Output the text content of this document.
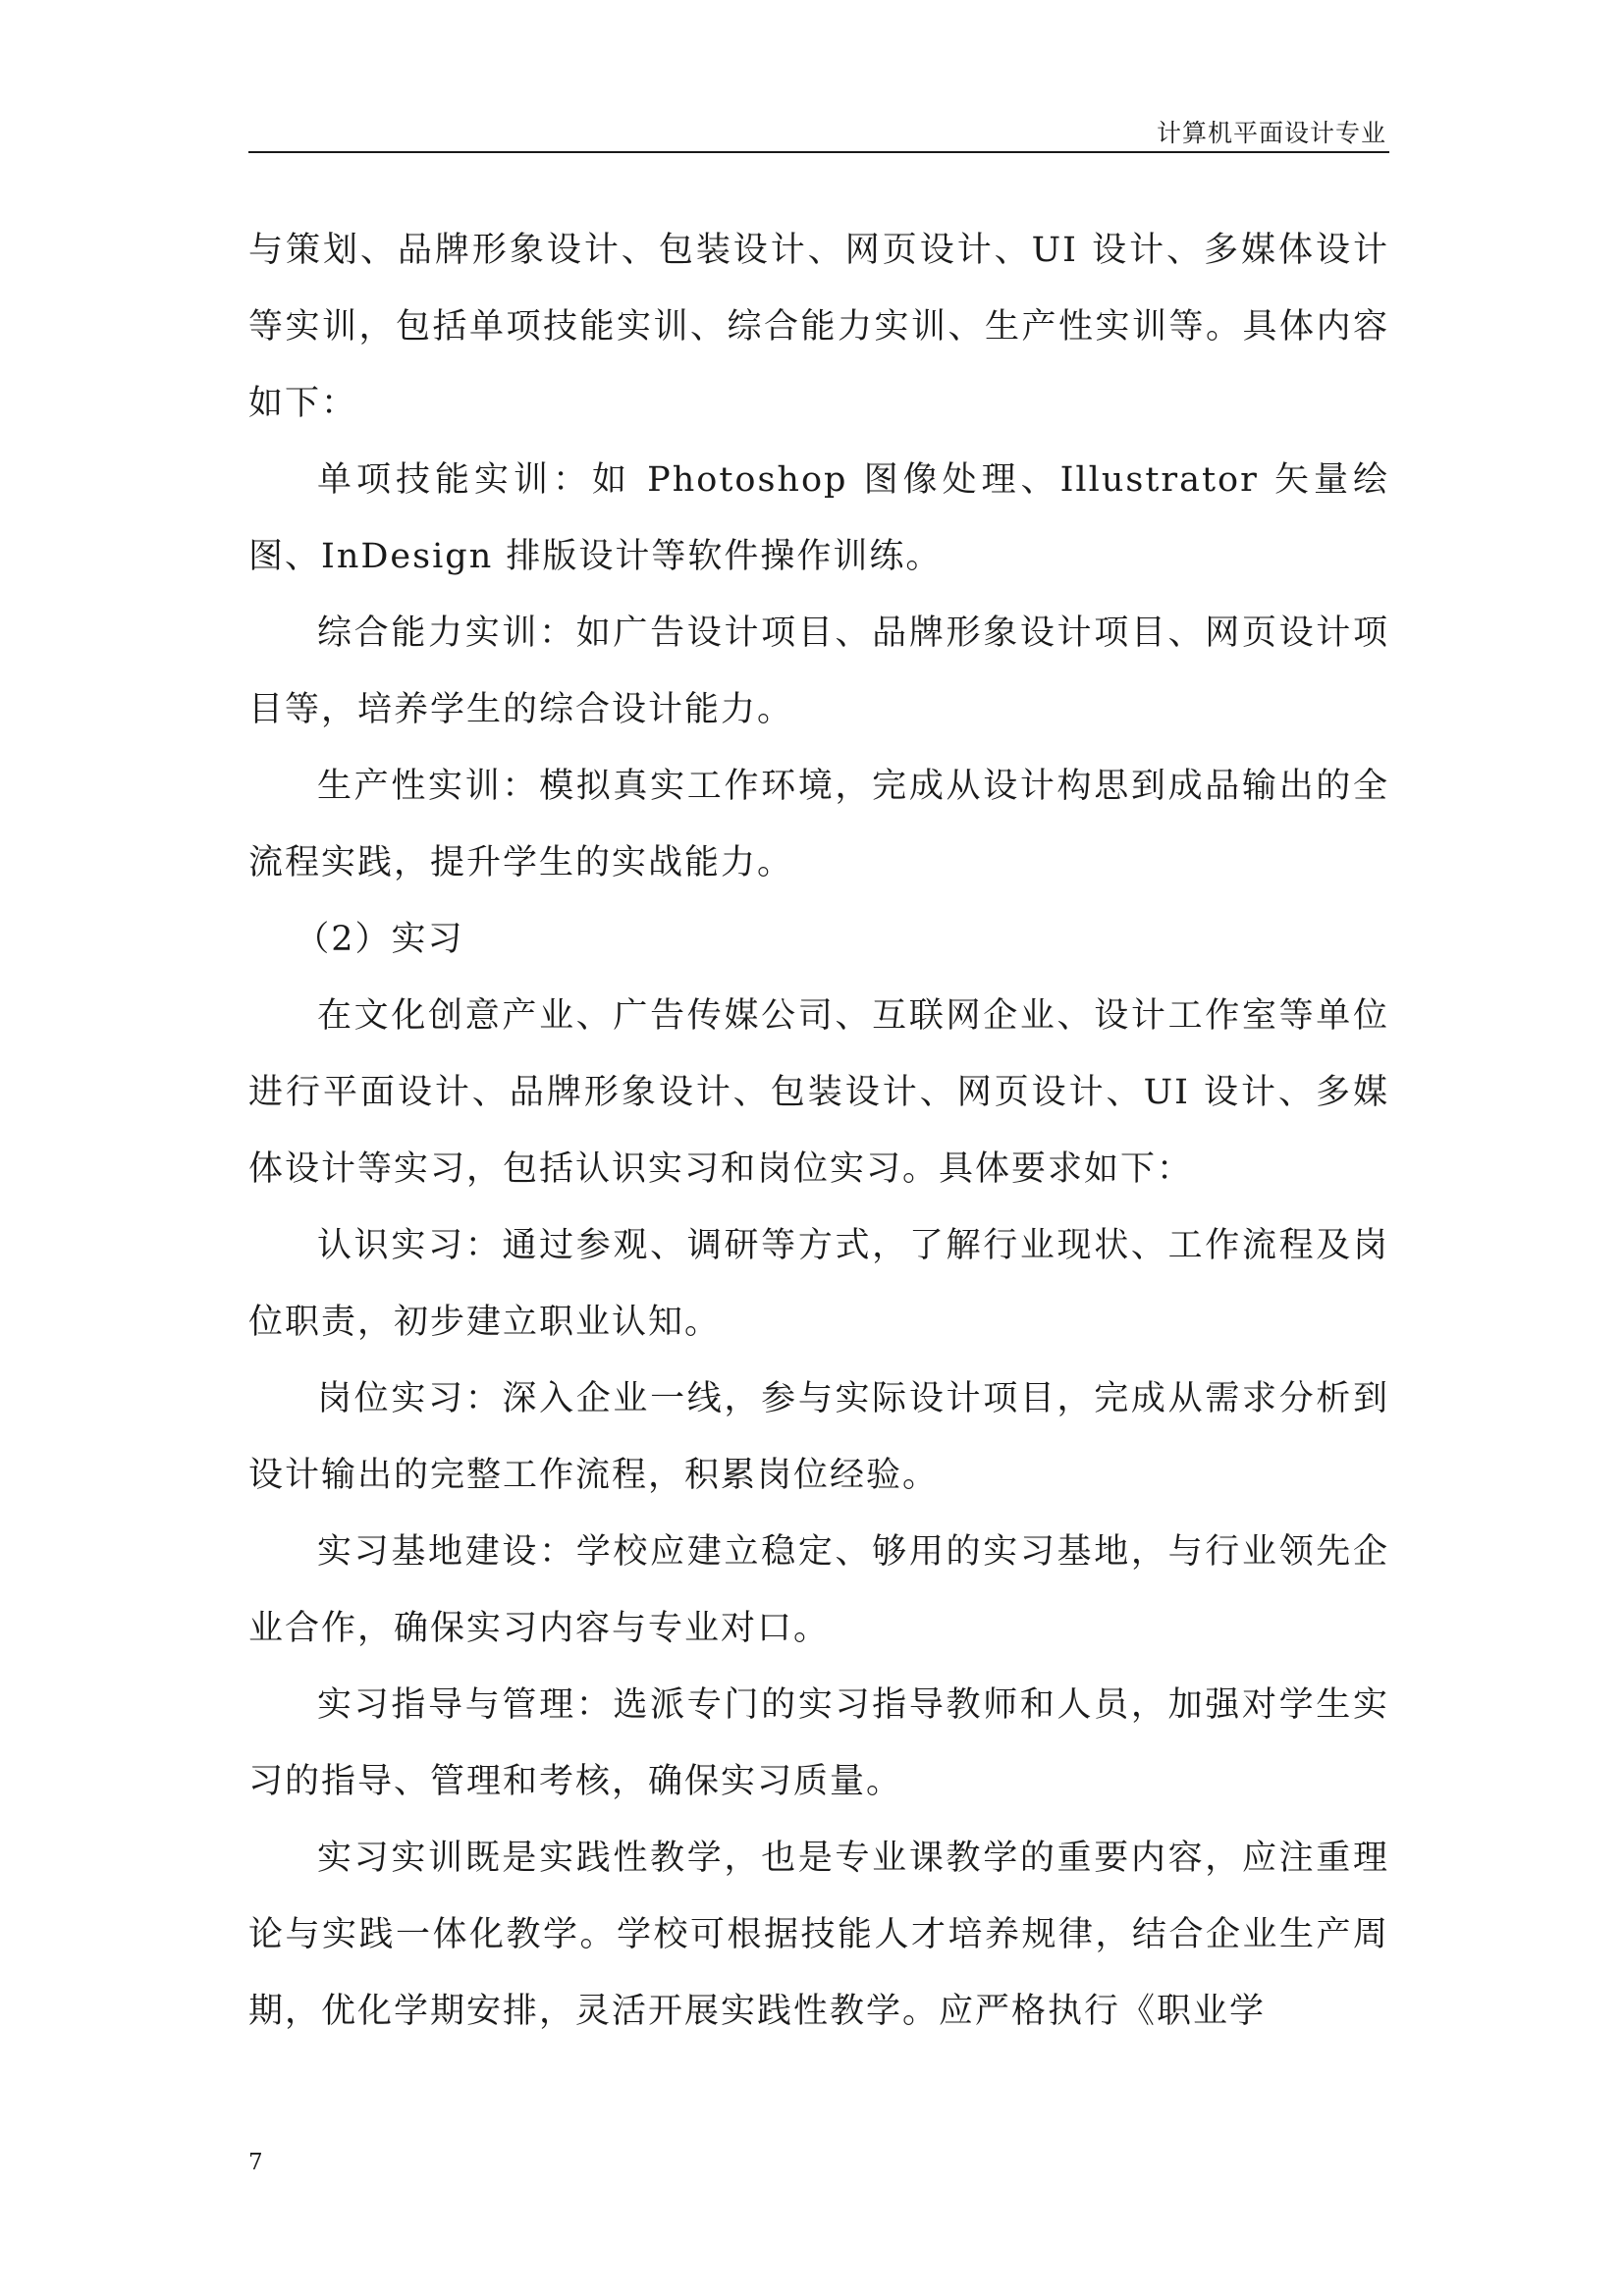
计算机平面设计专业

与策划、品牌形象设计、包装设计、网页设计、UI 设计、多媒体设计等实训，包括单项技能实训、综合能力实训、生产性实训等。具体内容如下：

单项技能实训：如 Photoshop 图像处理、Illustrator 矢量绘图、InDesign 排版设计等软件操作训练。

综合能力实训：如广告设计项目、品牌形象设计项目、网页设计项目等，培养学生的综合设计能力。

生产性实训：模拟真实工作环境，完成从设计构思到成品输出的全流程实践，提升学生的实战能力。

（2）实习

在文化创意产业、广告传媒公司、互联网企业、设计工作室等单位进行平面设计、品牌形象设计、包装设计、网页设计、UI 设计、多媒体设计等实习，包括认识实习和岗位实习。具体要求如下：

认识实习：通过参观、调研等方式，了解行业现状、工作流程及岗位职责，初步建立职业认知。

岗位实习：深入企业一线，参与实际设计项目，完成从需求分析到设计输出的完整工作流程，积累岗位经验。

实习基地建设：学校应建立稳定、够用的实习基地，与行业领先企业合作，确保实习内容与专业对口。

实习指导与管理：选派专门的实习指导教师和人员，加强对学生实习的指导、管理和考核，确保实习质量。

实习实训既是实践性教学，也是专业课教学的重要内容，应注重理论与实践一体化教学。学校可根据技能人才培养规律，结合企业生产周期，优化学期安排，灵活开展实践性教学。应严格执行《职业学

7
